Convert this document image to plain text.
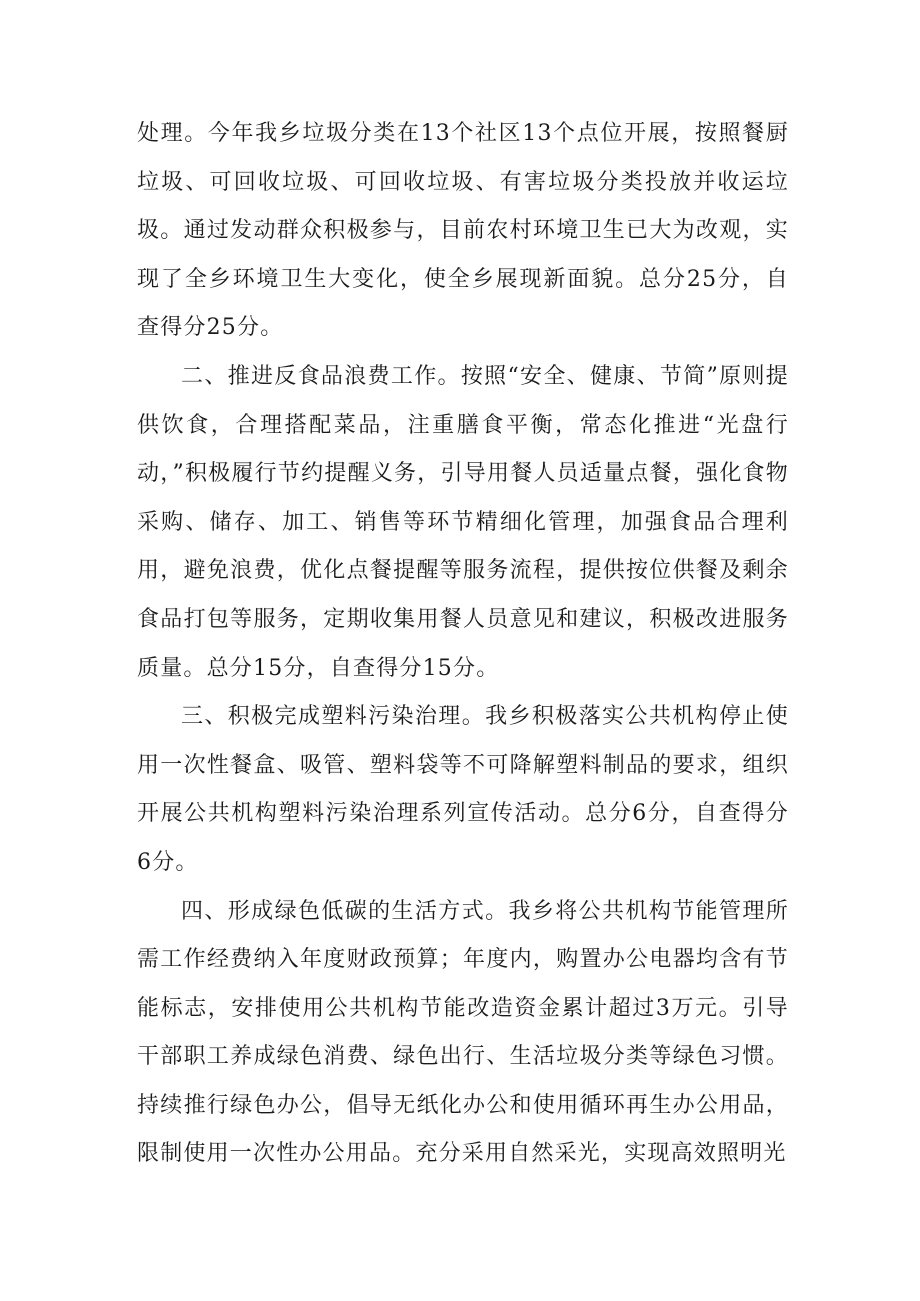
处理。今年我乡垃圾分类在13个社区13个点位开展，按照餐厨垃圾、可回收垃圾、可回收垃圾、有害垃圾分类投放并收运垃圾。通过发动群众积极参与，目前农村环境卫生已大为改观，实现了全乡环境卫生大变化，使全乡展现新面貌。总分25分，自查得分25分。

二、推进反食品浪费工作。按照“安全、健康、节简”原则提供饮食，合理搭配菜品，注重膳食平衡，常态化推进“光盘行动，”积极履行节约提醒义务，引导用餐人员适量点餐，强化食物采购、储存、加工、销售等环节精细化管理，加强食品合理利用，避免浪费，优化点餐提醒等服务流程，提供按位供餐及剩余食品打包等服务，定期收集用餐人员意见和建议，积极改进服务质量。总分15分，自查得分15分。

三、积极完成塑料污染治理。我乡积极落实公共机构停止使用一次性餐盒、吸管、塑料袋等不可降解塑料制品的要求，组织开展公共机构塑料污染治理系列宣传活动。总分6分，自查得分6分。

四、形成绿色低碳的生活方式。我乡将公共机构节能管理所需工作经费纳入年度财政预算；年度内，购置办公电器均含有节能标志，安排使用公共机构节能改造资金累计超过3万元。引导干部职工养成绿色消费、绿色出行、生活垃圾分类等绿色习惯。持续推行绿色办公，倡导无纸化办公和使用循环再生办公用品，限制使用一次性办公用品。充分采用自然采光，实现高效照明光
